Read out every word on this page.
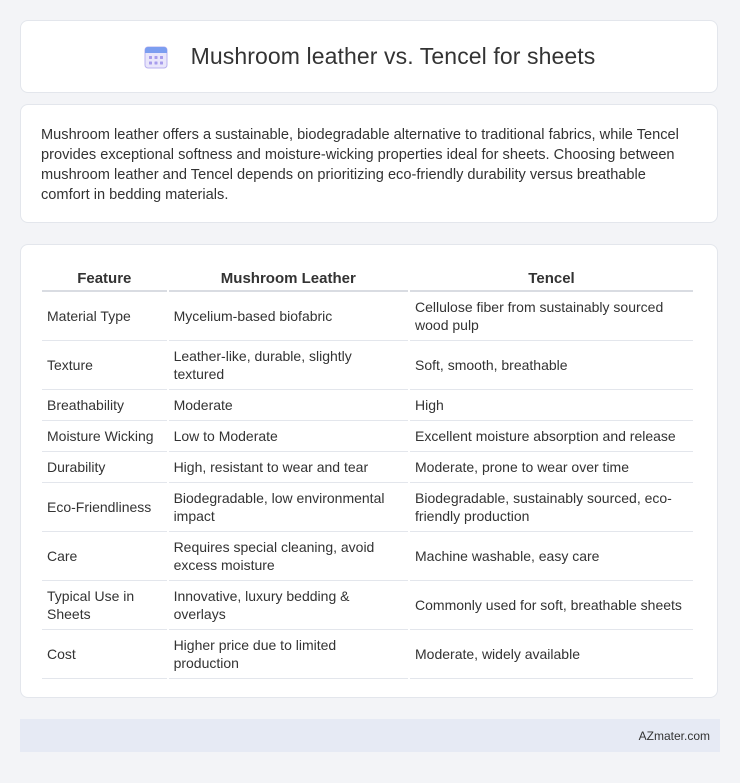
Mushroom leather vs. Tencel for sheets

Mushroom leather offers a sustainable, biodegradable alternative to traditional fabrics, while Tencel provides exceptional softness and moisture-wicking properties ideal for sheets. Choosing between mushroom leather and Tencel depends on prioritizing eco-friendly durability versus breathable comfort in bedding materials.

Feature	Mushroom Leather	Tencel
Material Type	Mycelium-based biofabric	Cellulose fiber from sustainably sourced wood pulp
Texture	Leather-like, durable, slightly textured	Soft, smooth, breathable
Breathability	Moderate	High
Moisture Wicking	Low to Moderate	Excellent moisture absorption and release
Durability	High, resistant to wear and tear	Moderate, prone to wear over time
Eco-Friendliness	Biodegradable, low environmental impact	Biodegradable, sustainably sourced, eco-friendly production
Care	Requires special cleaning, avoid excess moisture	Machine washable, easy care
Typical Use in Sheets	Innovative, luxury bedding & overlays	Commonly used for soft, breathable sheets
Cost	Higher price due to limited production	Moderate, widely available
AZmater.com
